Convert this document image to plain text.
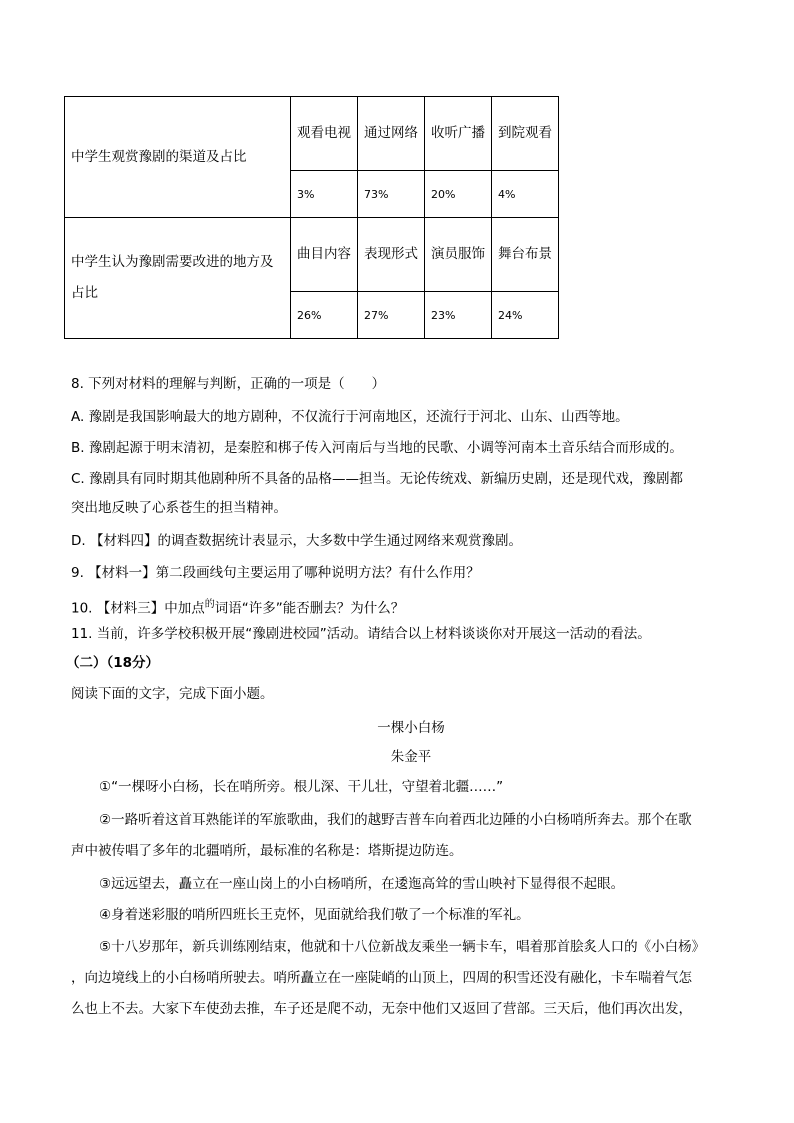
中学生观赏豫剧的渠道及占比	观看电视	通过网络	收听广播	到院观看
	3%	73%	20%	4%
中学生认为豫剧需要改进的地方及占比	曲目内容	表现形式	演员服饰	舞台布景
	26%	27%	23%	24%
8. 下列对材料的理解与判断，正确的一项是（　　）
A. 豫剧是我国影响最大的地方剧种，不仅流行于河南地区，还流行于河北、山东、山西等地。
B. 豫剧起源于明末清初，是秦腔和梆子传入河南后与当地的民歌、小调等河南本土音乐结合而形成的。
C. 豫剧具有同时期其他剧种所不具备的品格——担当。无论传统戏、新编历史剧，还是现代戏，豫剧都
突出地反映了心系苍生的担当精神。
D. 【材料四】的调查数据统计表显示，大多数中学生通过网络来观赏豫剧。
9. 【材料一】第二段画线句主要运用了哪种说明方法？有什么作用？
10. 【材料三】中加点$^的$词语“许多”能否删去？为什么？
11. 当前，许多学校积极开展“豫剧进校园”活动。请结合以上材料谈谈你对开展这一活动的看法。
（二）（18分）
阅读下面的文字，完成下面小题。
一棵小白杨
朱金平
①“一棵呀小白杨，长在哨所旁。根儿深、干儿壮，守望着北疆……”
②一路听着这首耳熟能详的军旅歌曲，我们的越野吉普车向着西北边陲的小白杨哨所奔去。那个在歌
声中被传唱了多年的北疆哨所，最标准的名称是：塔斯提边防连。
③远远望去，矗立在一座山岗上的小白杨哨所，在逶迤高耸的雪山映衬下显得很不起眼。
④身着迷彩服的哨所四班长王克怀，见面就给我们敬了一个标准的军礼。
⑤十八岁那年，新兵训练刚结束，他就和十八位新战友乘坐一辆卡车，唱着那首脍炙人口的《小白杨》
，向边境线上的小白杨哨所驶去。哨所矗立在一座陡峭的山顶上，四周的积雪还没有融化，卡车喘着气怎
么也上不去。大家下车使劲去推，车子还是爬不动，无奈中他们又返回了营部。三天后，他们再次出发，
